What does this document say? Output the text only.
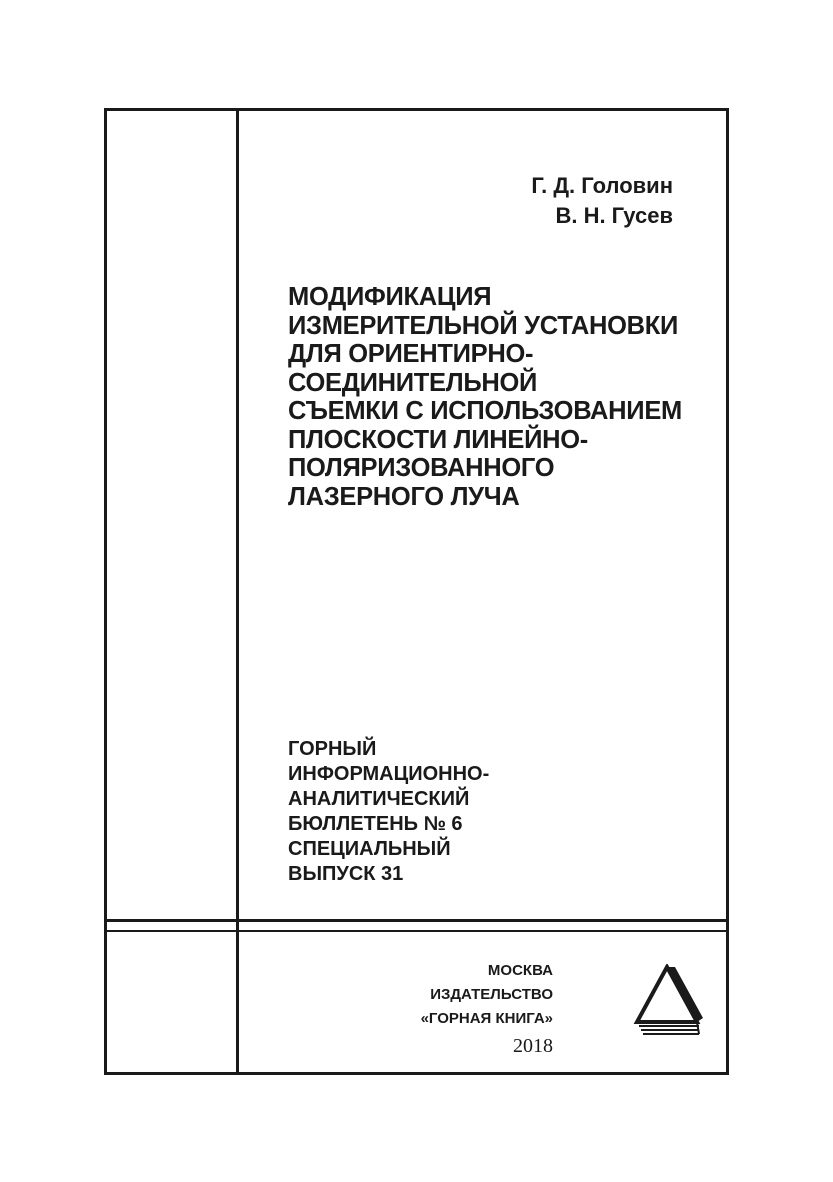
Г. Д. Головин
В. Н. Гусев
МОДИФИКАЦИЯ
ИЗМЕРИТЕЛЬНОЙ УСТАНОВКИ
ДЛЯ ОРИЕНТИРНО-
СОЕДИНИТЕЛЬНОЙ
СЪЕМКИ С ИСПОЛЬЗОВАНИЕМ
ПЛОСКОСТИ ЛИНЕЙНО-
ПОЛЯРИЗОВАННОГО
ЛАЗЕРНОГО ЛУЧА
ГОРНЫЙ
ИНФОРМАЦИОННО-
АНАЛИТИЧЕСКИЙ
БЮЛЛЕТЕНЬ № 6
СПЕЦИАЛЬНЫЙ
ВЫПУСК 31
МОСКВА
ИЗДАТЕЛЬСТВО
«ГОРНАЯ КНИГА»
2018
